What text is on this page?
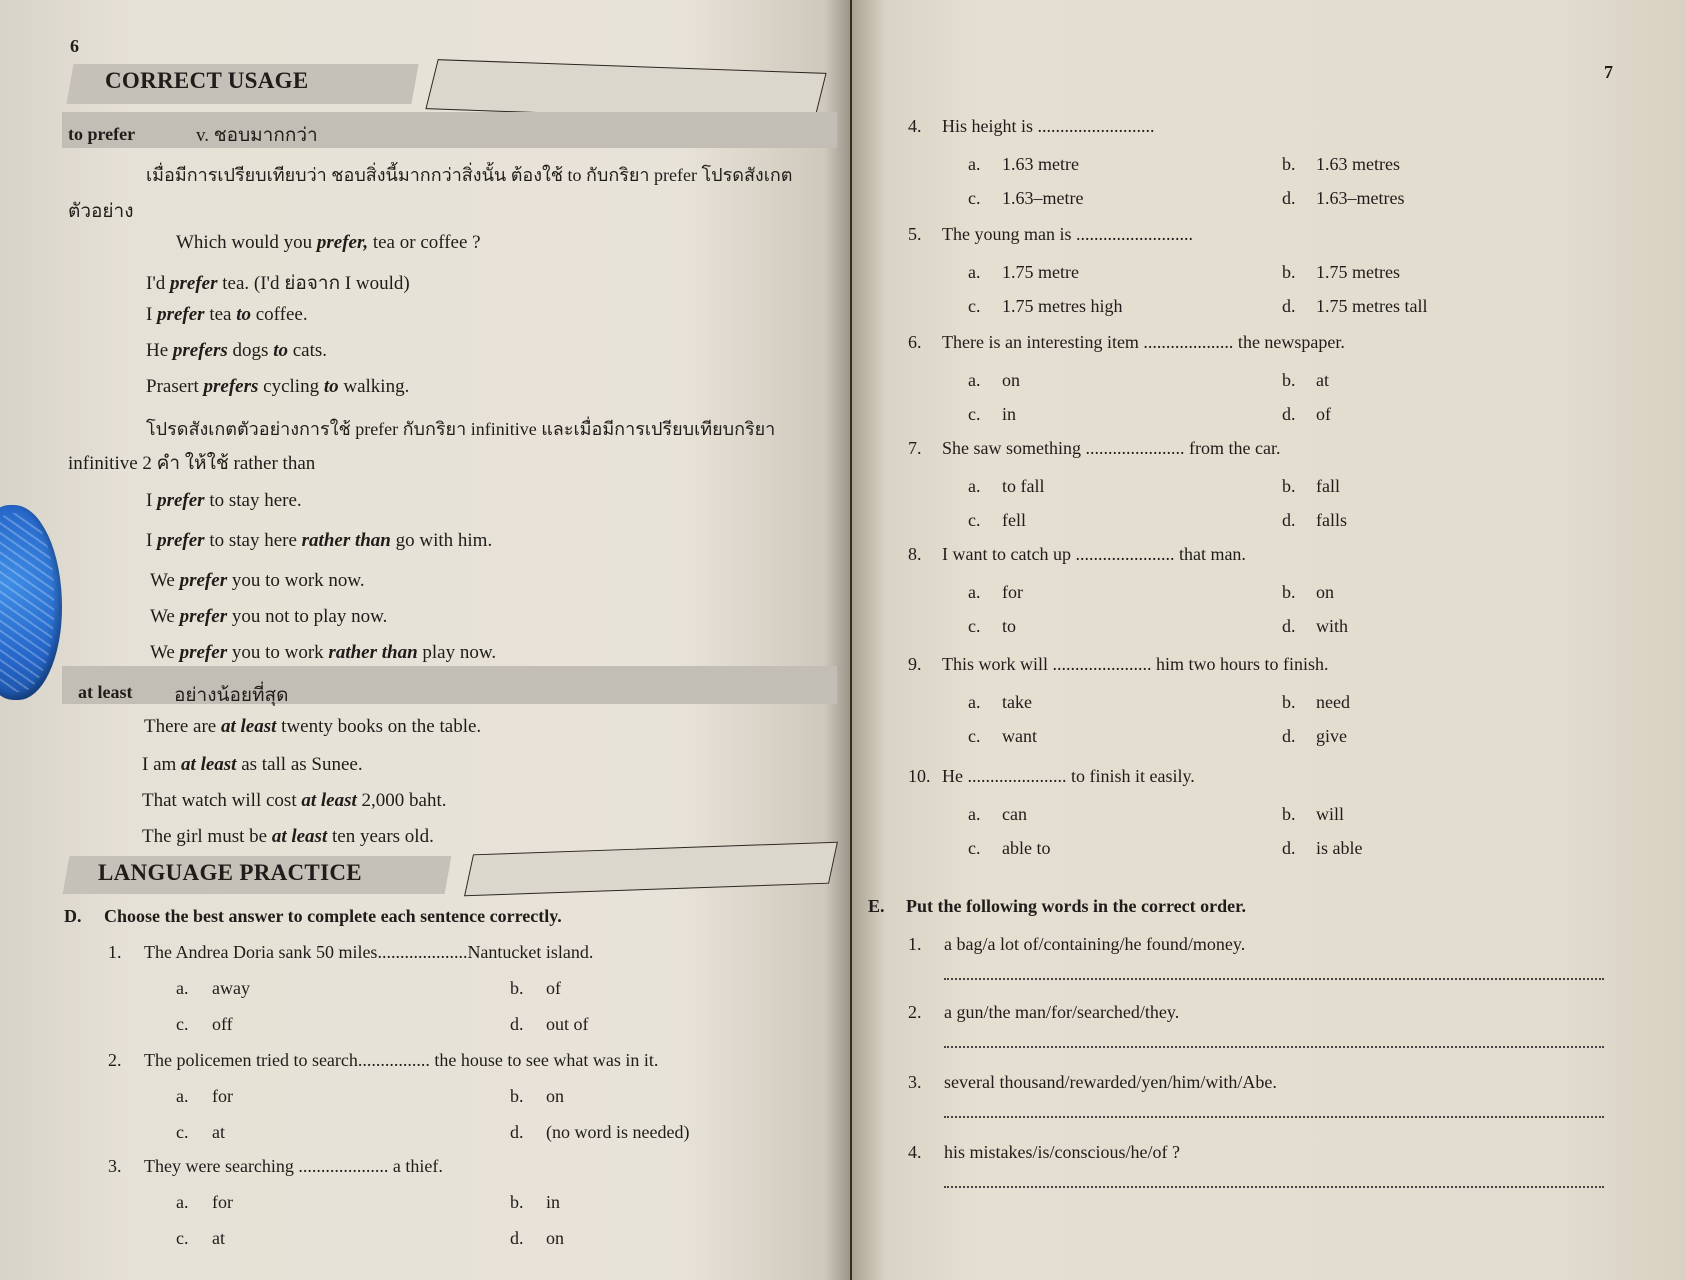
6
CORRECT USAGE
to prefer	v. ชอบมากกว่า
เมื่อมีการเปรียบเทียบว่า ชอบสิ่งนี้มากกว่าสิ่งนั้น ต้องใช้ to กับกริยา prefer โปรดสังเกต
ตัวอย่าง
Which would you prefer, tea or coffee ?
I'd prefer tea. (I'd ย่อจาก I would)
I prefer tea to coffee.
He prefers dogs to cats.
Prasert prefers cycling to walking.
โปรดสังเกตตัวอย่างการใช้ prefer กับกริยา infinitive และเมื่อมีการเปรียบเทียบกริยา
infinitive 2 คำ ให้ใช้ rather than
I prefer to stay here.
I prefer to stay here rather than go with him.
We prefer you to work now.
We prefer you not to play now.
We prefer you to work rather than play now.
at least อย่างน้อยที่สุด
There are at least twenty books on the table.
I am at least as tall as Sunee.
That watch will cost at least 2,000 baht.
The girl must be at least ten years old.
LANGUAGE PRACTICE
D. Choose the best answer to complete each sentence correctly.
1. The Andrea Doria sank 50 miles....................Nantucket island.
a. away	b. of
c. off	d. out of
2. The policemen tried to search................ the house to see what was in it.
a. for	b. on
c. at	d. (no word is needed)
3. They were searching .................... a thief.
a. for	b. in
c. at	d. on
7
4. His height is ..........................
a. 1.63 metre	b. 1.63 metres
c. 1.63–metre	d. 1.63–metres
5. The young man is ..........................
a. 1.75 metre	b. 1.75 metres
c. 1.75 metres high	d. 1.75 metres tall
6. There is an interesting item .................... the newspaper.
a. on	b. at
c. in	d. of
7. She saw something ...................... from the car.
a. to fall	b. fall
c. fell	d. falls
8. I want to catch up ...................... that man.
a. for	b. on
c. to	d. with
9. This work will ...................... him two hours to finish.
a. take	b. need
c. want	d. give
10. He ...................... to finish it easily.
a. can	b. will
c. able to	d. is able
E. Put the following words in the correct order.
1. a bag/a lot of/containing/he found/money.
2. a gun/the man/for/searched/they.
3. several thousand/rewarded/yen/him/with/Abe.
4. his mistakes/is/conscious/he/of ?
